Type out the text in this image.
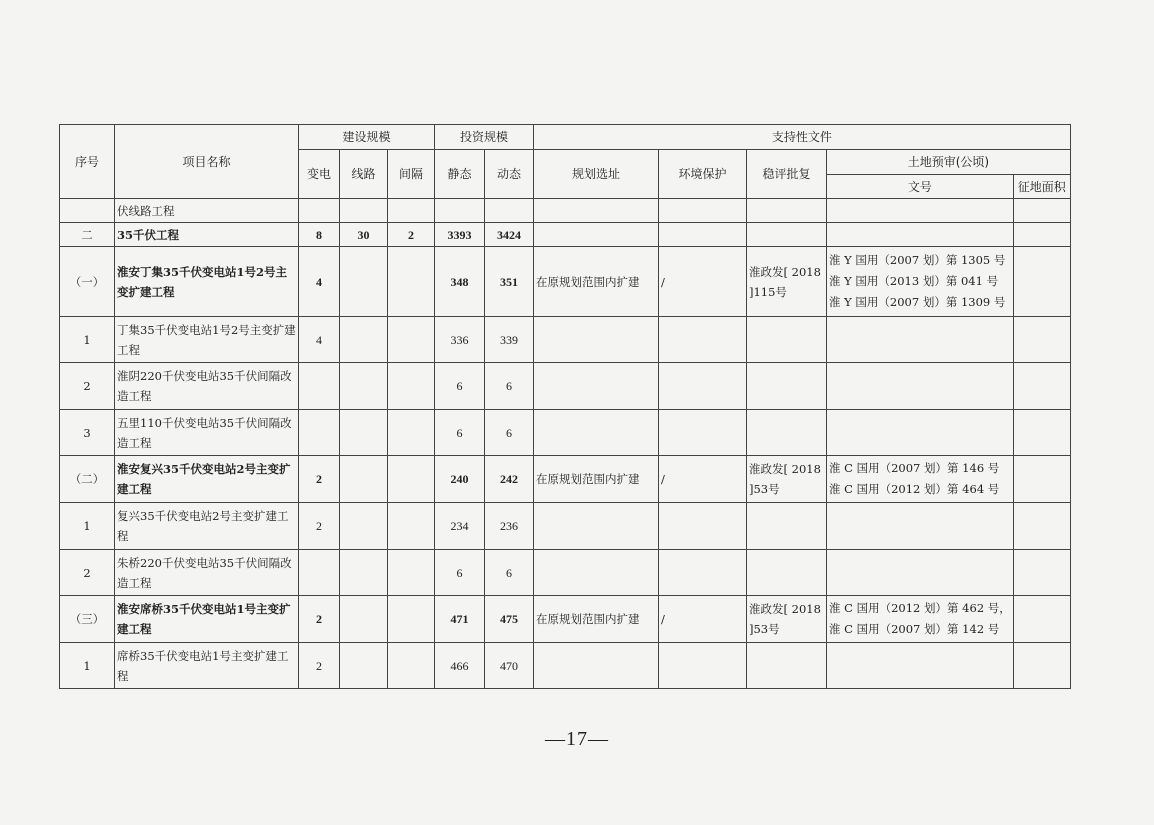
序号	项目名称	建设规模			投资规模		支持性文件				
		变电	线路	间隔	静态	动态	规划选址	环境保护	稳评批复	土地预审(公顷)	
										文号	征地面积
	伏线路工程										
二	35千伏工程	8	30	2	3393	3424					
（一）	淮安丁集35千伏变电站1号2号主变扩建工程	4			348	351	在原规划范围内扩建	/	淮政发[ 2018 ]115号	淮 Y 国用（2007 划）第 1305 号
淮 Y 国用（2013 划）第 041 号
淮 Y 国用（2007 划）第 1309 号	

1	丁集35千伏变电站1号2号主变扩建工程	4			336	339					
2	淮阴220千伏变电站35千伏间隔改造工程				6	6					
3	五里110千伏变电站35千伏间隔改造工程				6	6					
（二）	淮安复兴35千伏变电站2号主变扩建工程	2			240	242	在原规划范围内扩建	/	淮政发[ 2018 ]53号	淮 C 国用（2007 划）第 146 号
淮 C 国用（2012 划）第 464 号	

1	复兴35千伏变电站2号主变扩建工程	2			234	236					
2	朱桥220千伏变电站35千伏间隔改造工程				6	6					
（三）	淮安席桥35千伏变电站1号主变扩建工程	2			471	475	在原规划范围内扩建	/	淮政发[ 2018 ]53号	淮 C 国用（2012 划）第 462 号，
淮 C 国用（2007 划）第 142 号	

1	席桥35千伏变电站1号主变扩建工程	2			466	470					
—17—
